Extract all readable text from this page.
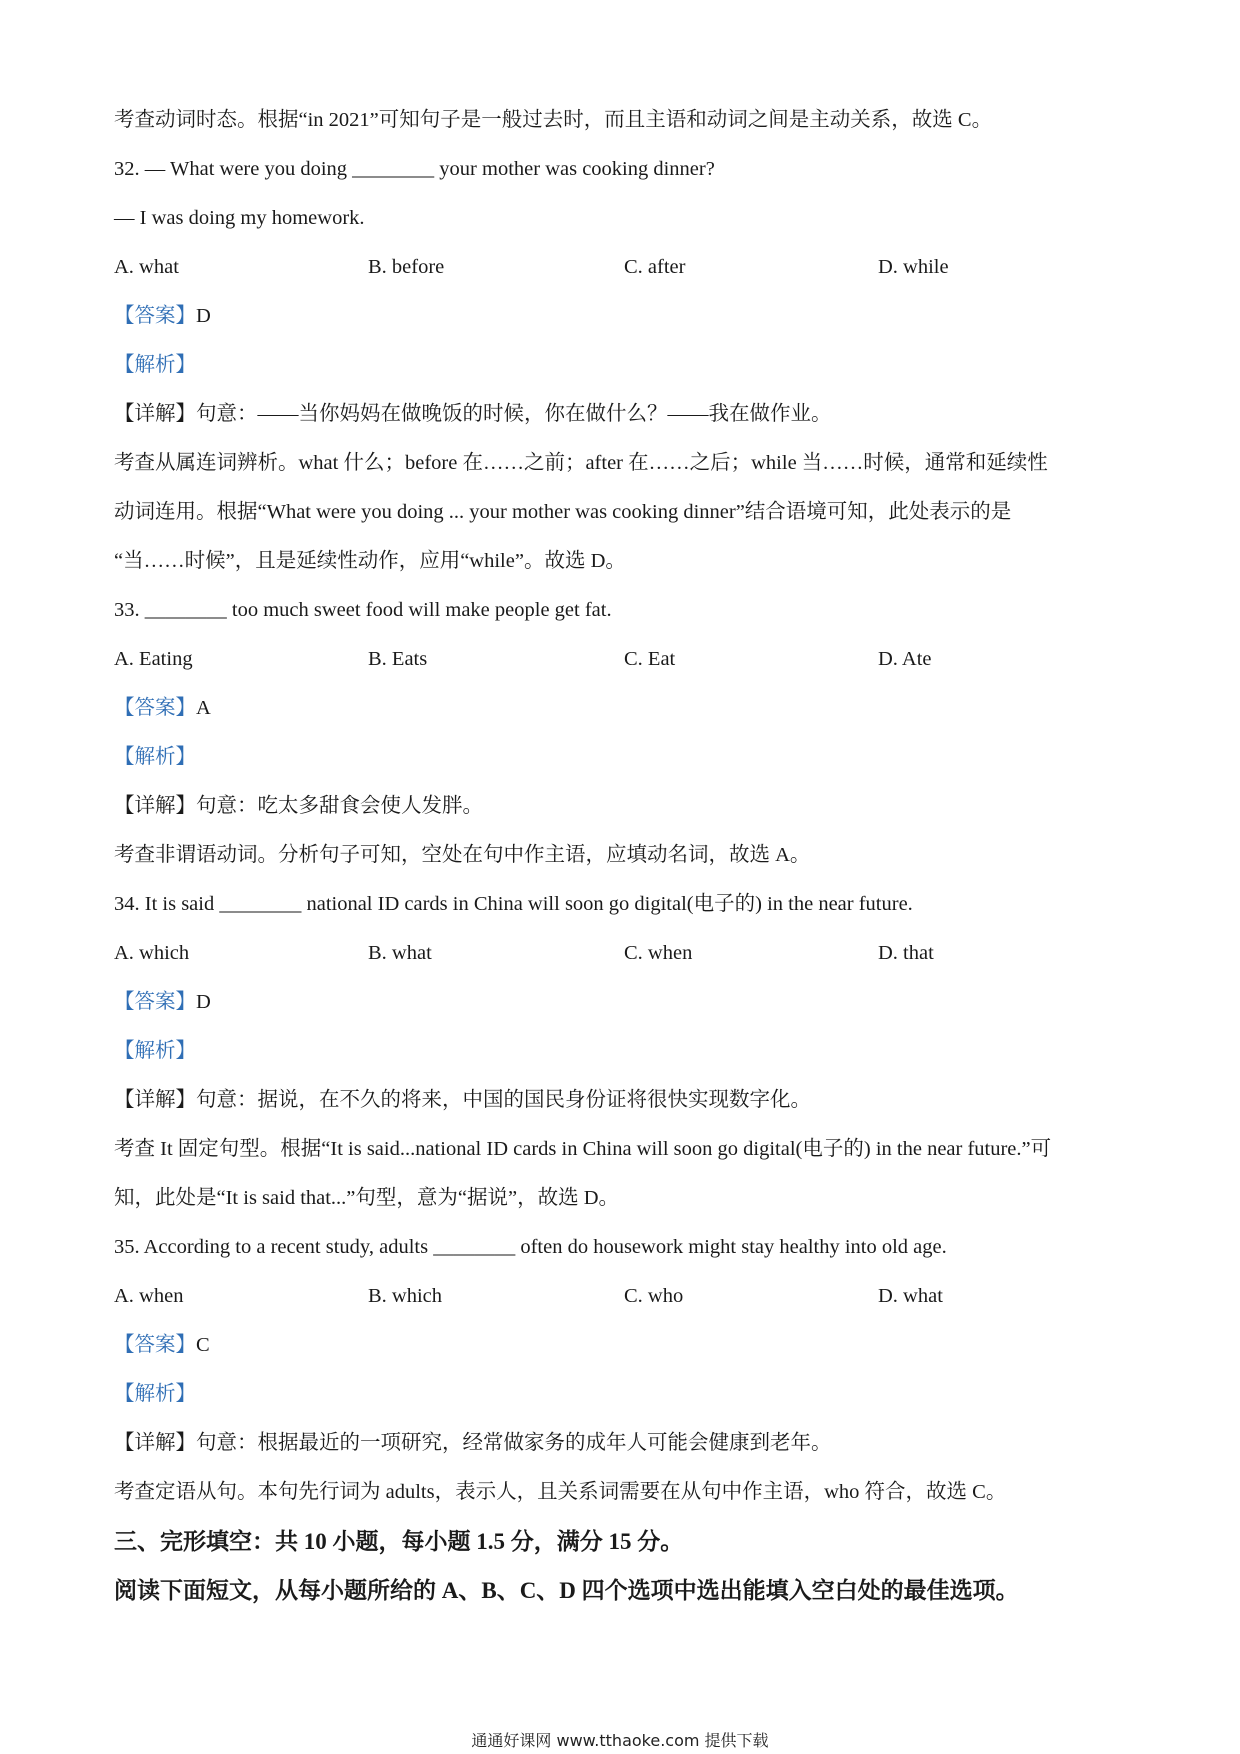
考查动词时态。根据“in 2021”可知句子是一般过去时，而且主语和动词之间是主动关系，故选 C。
32. — What were you doing ________ your mother was cooking dinner?
— I was doing my homework.
A. what	B. before	C. after	D. while
【答案】D
【解析】
【详解】句意：——当你妈妈在做晚饭的时候，你在做什么？——我在做作业。
考查从属连词辨析。what 什么；before 在……之前；after 在……之后；while 当……时候，通常和延续性
动词连用。根据“What were you doing ... your mother was cooking dinner”结合语境可知，此处表示的是
“当……时候”，且是延续性动作，应用“while”。故选 D。
33. ________ too much sweet food will make people get fat.
A. Eating	B. Eats	C. Eat	D. Ate
【答案】A
【解析】
【详解】句意：吃太多甜食会使人发胖。
考查非谓语动词。分析句子可知，空处在句中作主语，应填动名词，故选 A。
34. It is said ________ national ID cards in China will soon go digital(电子的) in the near future.
A. which	B. what	C. when	D. that
【答案】D
【解析】
【详解】句意：据说，在不久的将来，中国的国民身份证将很快实现数字化。
考查 It 固定句型。根据“It is said...national ID cards in China will soon go digital(电子的) in the near future.”可
知，此处是“It is said that...”句型，意为“据说”，故选 D。
35. According to a recent study, adults ________ often do housework might stay healthy into old age.
A. when	B. which	C. who	D. what
【答案】C
【解析】
【详解】句意：根据最近的一项研究，经常做家务的成年人可能会健康到老年。
考查定语从句。本句先行词为 adults，表示人，且关系词需要在从句中作主语，who 符合，故选 C。
三、完形填空：共 10 小题，每小题 1.5 分，满分 15 分。
阅读下面短文，从每小题所给的 A、B、C、D 四个选项中选出能填入空白处的最佳选项。
通通好课网 www.tthaoke.com 提供下载
